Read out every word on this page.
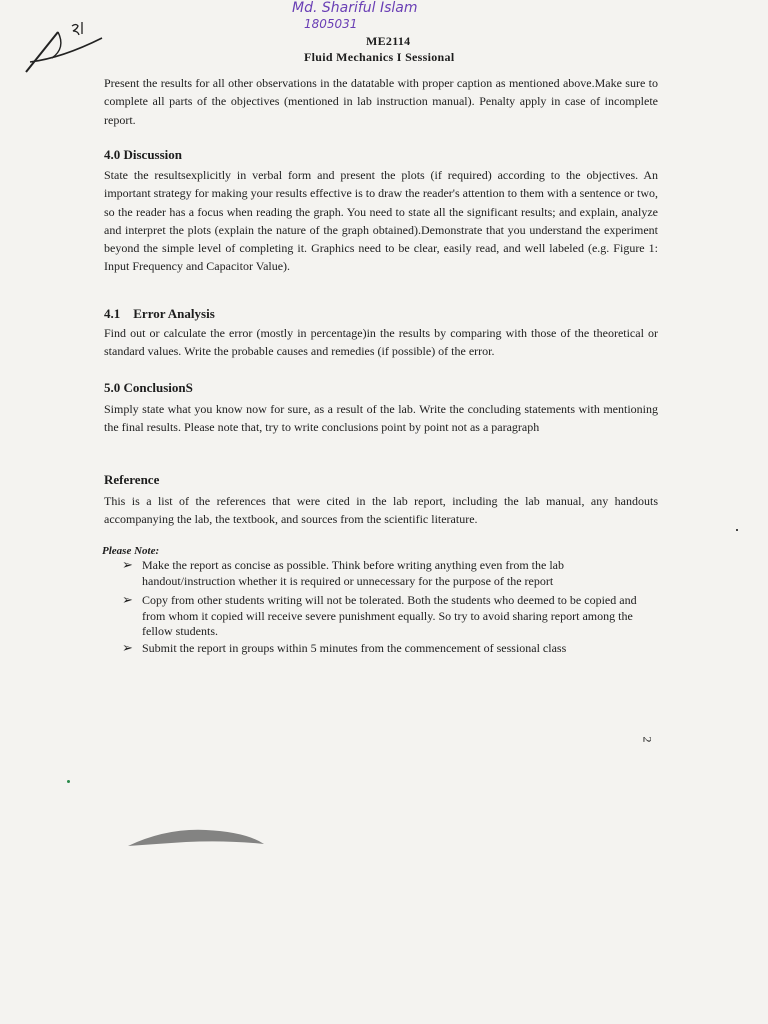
Md. Shariful Islam
1805031
ME2114
Fluid Mechanics I Sessional
Present the results for all other observations in the datatable with proper caption as mentioned above.Make sure to complete all parts of the objectives (mentioned in lab instruction manual). Penalty apply in case of incomplete report.
4.0 Discussion
State the resultsexplicitly in verbal form and present the plots (if required) according to the objectives. An important strategy for making your results effective is to draw the reader's attention to them with a sentence or two, so the reader has a focus when reading the graph. You need to state all the significant results; and explain, analyze and interpret the plots (explain the nature of the graph obtained).Demonstrate that you understand the experiment beyond the simple level of completing it. Graphics need to be clear, easily read, and well labeled (e.g. Figure 1: Input Frequency and Capacitor Value).
4.1    Error Analysis
Find out or calculate the error (mostly in percentage)in the results by comparing with those of the theoretical or standard values. Write the probable causes and remedies (if possible) of the error.
5.0 ConclusionS
Simply state what you know now for sure, as a result of the lab. Write the concluding statements with mentioning the final results. Please note that, try to write conclusions point by point not as a paragraph
Reference
This is a list of the references that were cited in the lab report, including the lab manual, any handouts accompanying the lab, the textbook, and sources from the scientific literature.
Please Note:
➢ Make the report as concise as possible. Think before writing anything even from the lab handout/instruction whether it is required or unnecessary for the purpose of the report
➢ Copy from other students writing will not be tolerated. Both the students who deemed to be copied and from whom it copied will receive severe punishment equally. So try to avoid sharing report among the fellow students.
➢ Submit the report in groups within 5 minutes from the commencement of sessional class
2
